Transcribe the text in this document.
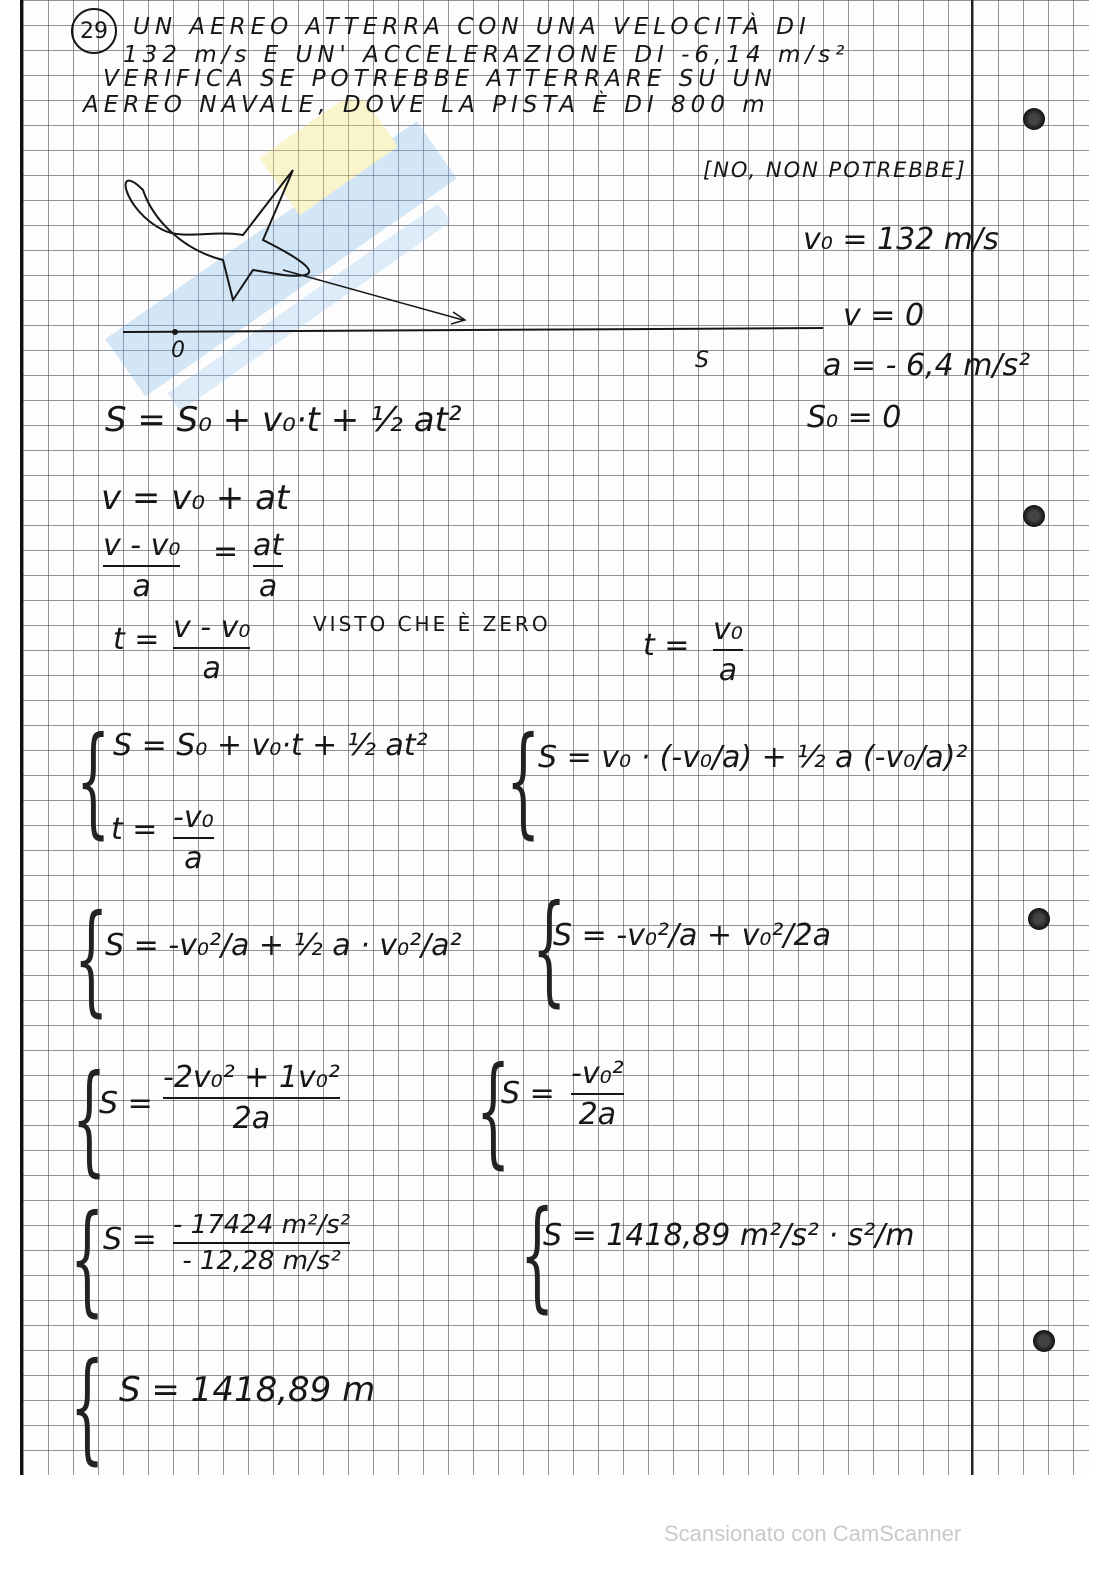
29	UN AEREO ATTERRA CON UNA VELOCITÀ DI
132 m/s E UN' ACCELERAZIONE DI -6,14 m/s²
VERIFICA SE POTREBBE ATTERRARE SU UN
AEREO NAVALE, DOVE LA PISTA È DI 800 m
[NO, NON POTREBBE]
0	S
v₀ = 132 m/s
v = 0
a = - 6,4 m/s²
S₀ = 0
S = S₀ + v₀·t + ½ at²
v = v₀ + at
v - v₀
a
= at
a
t = v - v₀
a
VISTO CHE È ZERO
t = v₀
a
{ S = S₀ + v₀·t + ½ at²
t = -v₀
a
{
S = v₀ · (-v₀/a) + ½ a (-v₀/a)²
{
S = -v₀²/a + ½ a · v₀²/a² {
S = -v₀²/a + v₀²/2a
{
S =
-2v₀² + 1v₀²
2a {
S =
-v₀²
2a
{
S = - 17424 m²/s²
- 12,28 m/s² {
S = 1418,89 m²/s² · s²/m
{ S = 1418,89 m
Scansionato con CamScanner
